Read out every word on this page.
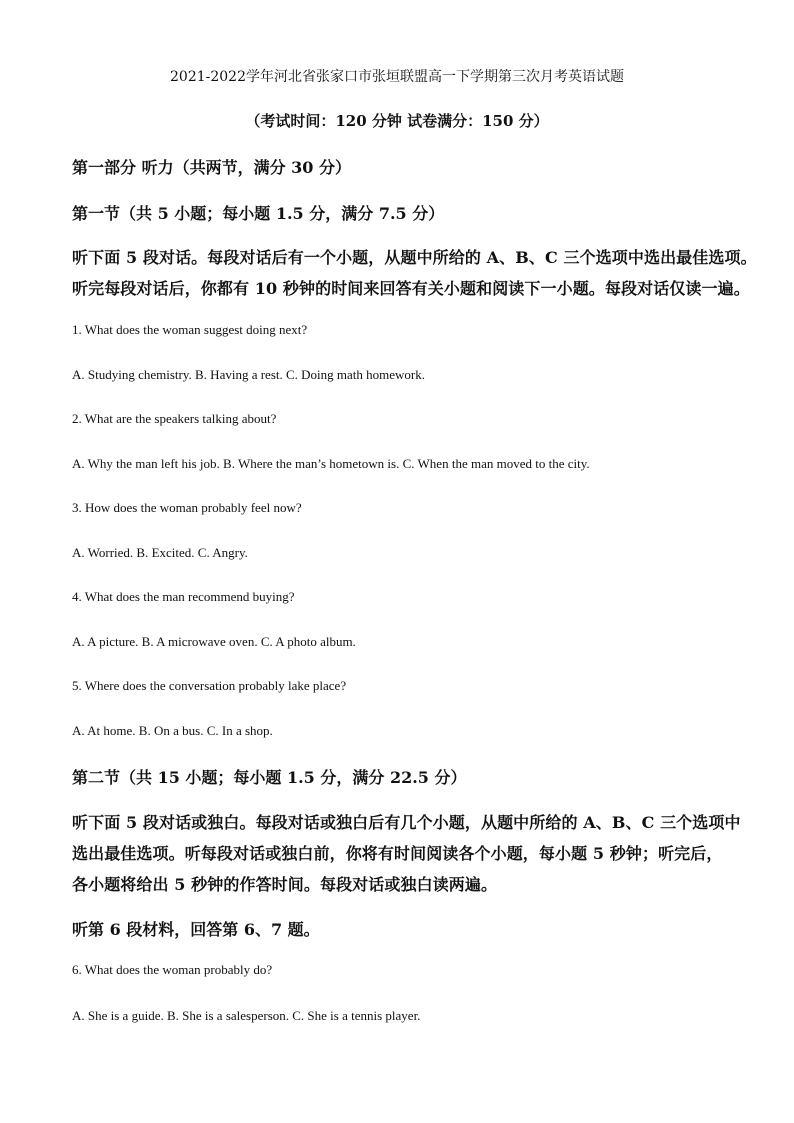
2021-2022学年河北省张家口市张垣联盟高一下学期第三次月考英语试题
（考试时间：120 分钟 试卷满分：150 分）
第一部分 听力（共两节，满分 30 分）
第一节（共 5 小题；每小题 1.5 分，满分 7.5 分）
听下面 5 段对话。每段对话后有一个小题，从题中所给的 A、B、C 三个选项中选出最佳选项。
听完每段对话后，你都有 10 秒钟的时间来回答有关小题和阅读下一小题。每段对话仅读一遍。
1. What does the woman suggest doing next?
A. Studying chemistry. B. Having a rest. C. Doing math homework.
2. What are the speakers talking about?
A. Why the man left his job. B. Where the man’s hometown is. C. When the man moved to the city.
3. How does the woman probably feel now?
A. Worried. B. Excited. C. Angry.
4. What does the man recommend buying?
A. A picture. B. A microwave oven. C. A photo album.
5. Where does the conversation probably lake place?
A. At home. B. On a bus. C. In a shop.
第二节（共 15 小题；每小题 1.5 分，满分 22.5 分）
听下面 5 段对话或独白。每段对话或独白后有几个小题，从题中所给的 A、B、C 三个选项中
选出最佳选项。听每段对话或独白前，你将有时间阅读各个小题，每小题 5 秒钟；听完后，
各小题将给出 5 秒钟的作答时间。每段对话或独白读两遍。
听第 6 段材料，回答第 6、7 题。
6. What does the woman probably do?
A. She is a guide. B. She is a salesperson. C. She is a tennis player.
